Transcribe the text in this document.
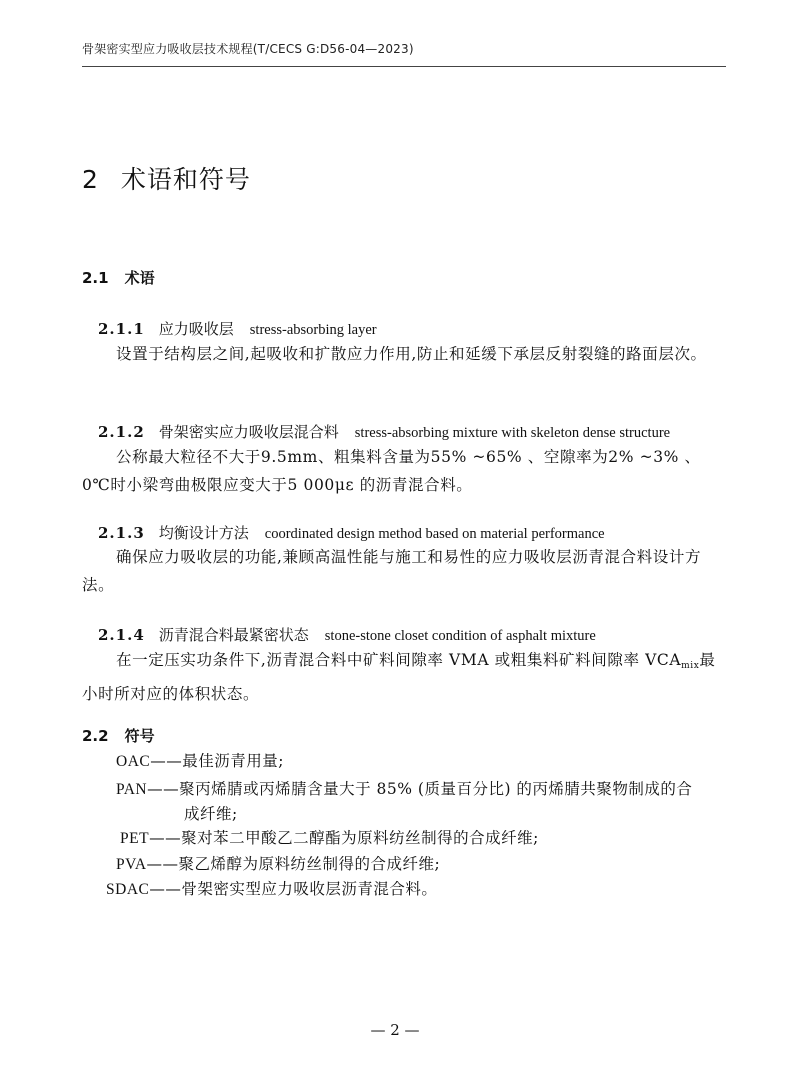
骨架密实型应力吸收层技术规程(T/CECS G:D56-04—2023)
2 术语和符号
2.1 术语
2.1.1 应力吸收层 stress-absorbing layer
设置于结构层之间,起吸收和扩散应力作用,防止和延缓下承层反射裂缝的路面层次。
2.1.2 骨架密实应力吸收层混合料 stress-absorbing mixture with skeleton dense structure
公称最大粒径不大于9.5mm、粗集料含量为55% ~65% 、空隙率为2% ~3% 、0℃时小梁弯曲极限应变大于5 000με 的沥青混合料。
2.1.3 均衡设计方法 coordinated design method based on material performance
确保应力吸收层的功能,兼顾高温性能与施工和易性的应力吸收层沥青混合料设计方法。
2.1.4 沥青混合料最紧密状态 stone-stone closet condition of asphalt mixture
在一定压实功条件下,沥青混合料中矿料间隙率 VMA 或粗集料矿料间隙率 $VCA_{mix}$最小时所对应的体积状态。
2.2 符号
OAC——最佳沥青用量;
PAN——聚丙烯腈或丙烯腈含量大于 85% (质量百分比) 的丙烯腈共聚物制成的合
成纤维;
PET——聚对苯二甲酸乙二醇酯为原料纺丝制得的合成纤维;
PVA——聚乙烯醇为原料纺丝制得的合成纤维;
SDAC——骨架密实型应力吸收层沥青混合料。
— 2 —
